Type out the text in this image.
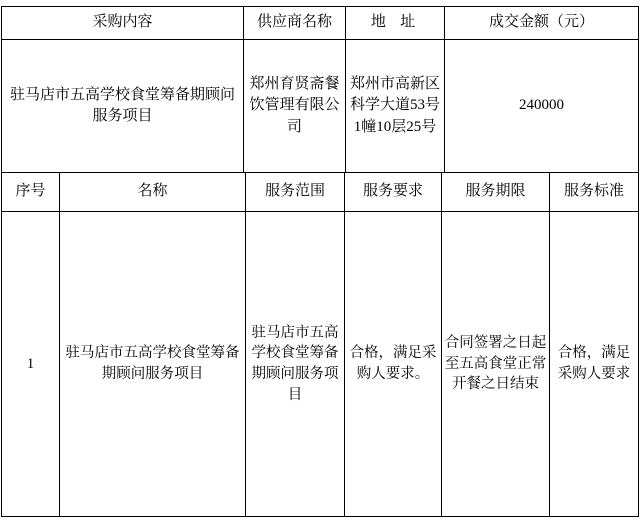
采购内容	供应商名称	地 址	成交金额（元）
驻马店市五高学校食堂筹备期顾问服务项目	郑州育贤斋餐饮管理有限公司	郑州市高新区科学大道53号1幢10层25号	240000
序号	名称	服务范围	服务要求	服务期限	服务标准
1	驻马店市五高学校食堂筹备期顾问服务项目	驻马店市五高学校食堂筹备期顾问服务项目	合格，满足采购人要求。	合同签署之日起至五高食堂正常开餐之日结束	合格，满足采购人要求
